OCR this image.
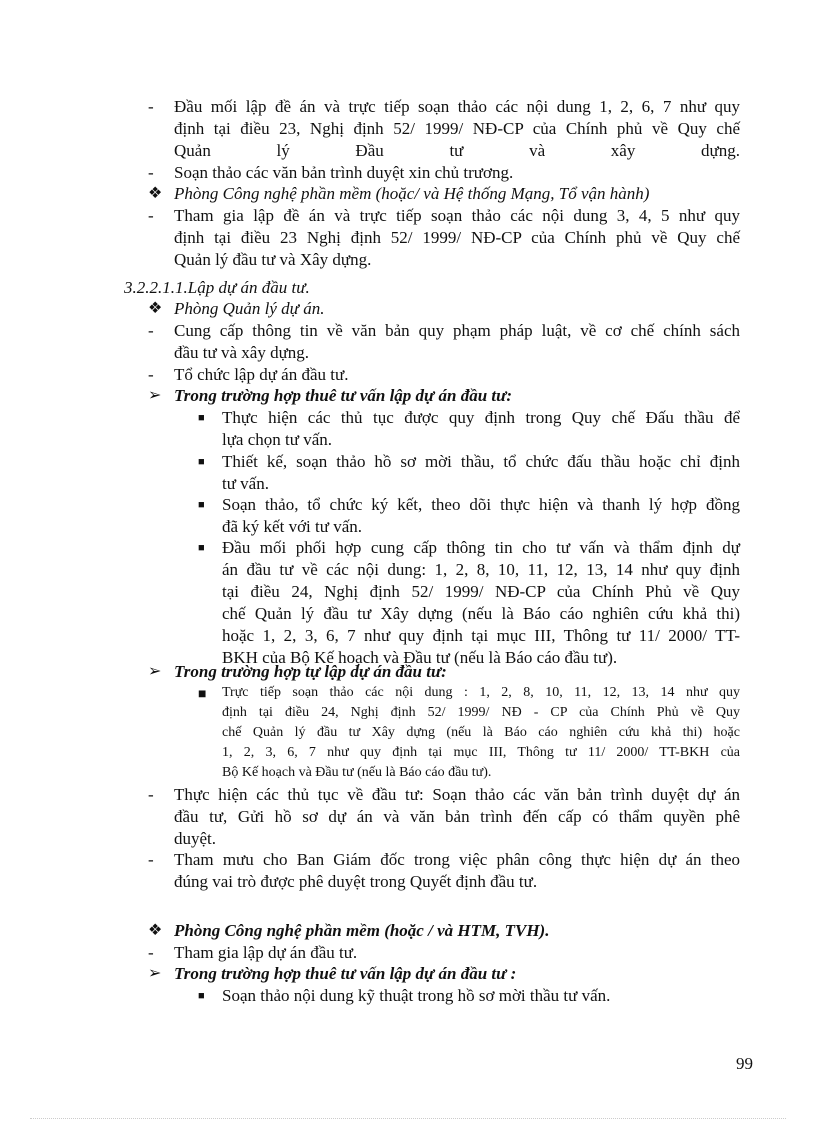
- Đầu mối lập đề án và trực tiếp soạn thảo các nội dung 1, 2, 6, 7 như quy
định tại điều 23, Nghị định 52/ 1999/ NĐ-CP của Chính phủ về Quy chế
Quản lý Đầu tư và xây dựng.
- Soạn thảo các văn bản trình duyệt xin chủ trương.
❖ Phòng Công nghệ phần mềm (hoặc/ và Hệ thống Mạng, Tổ vận hành)
- Tham gia lập đề án và trực tiếp soạn thảo các nội dung 3, 4, 5 như quy
định tại điều 23 Nghị định 52/ 1999/ NĐ-CP của Chính phủ về Quy chế
Quản lý đầu tư và Xây dựng.
3.2.2.1.1.Lập dự án đầu tư.
❖ Phòng Quản lý dự án.
- Cung cấp thông tin về văn bản quy phạm pháp luật, về cơ chế chính sách
đầu tư và xây dựng.
- Tổ chức lập dự án đầu tư.
➢ Trong trường hợp thuê tư vấn lập dự án đầu tư:
■ Thực hiện các thủ tục được quy định trong Quy chế Đấu thầu để
lựa chọn tư vấn.
■ Thiết kế, soạn thảo hồ sơ mời thầu, tổ chức đấu thầu hoặc chỉ định
tư vấn.
■ Soạn thảo, tổ chức ký kết, theo dõi thực hiện và thanh lý hợp đồng
đã ký kết với tư vấn.
■ Đầu mối phối hợp cung cấp thông tin cho tư vấn và thẩm định dự
án đầu tư về các nội dung: 1, 2, 8, 10, 11, 12, 13, 14 như quy định
tại điều 24, Nghị định 52/ 1999/ NĐ-CP của Chính Phủ về Quy
chế Quản lý đầu tư Xây dựng (nếu là Báo cáo nghiên cứu khả thi)
hoặc 1, 2, 3, 6, 7 như quy định tại mục III, Thông tư 11/ 2000/ TT-
BKH của Bộ Kế hoạch và Đầu tư (nếu là Báo cáo đầu tư).
➢ Trong trường hợp tự lập dự án đầu tư:
■ Trực tiếp soạn thảo các nội dung : 1, 2, 8, 10, 11, 12, 13, 14 như quy
định tại điều 24, Nghị định 52/ 1999/ NĐ - CP của Chính Phủ về Quy
chế Quản lý đầu tư Xây dựng (nếu là Báo cáo nghiên cứu khả thi) hoặc
1, 2, 3, 6, 7 như quy định tại mục III, Thông tư 11/ 2000/ TT-BKH của
Bộ Kế hoạch và Đầu tư (nếu là Báo cáo đầu tư).
- Thực hiện các thủ tục về đầu tư: Soạn thảo các văn bản trình duyệt dự án
đầu tư, Gửi hồ sơ dự án và văn bản trình đến cấp có thẩm quyền phê
duyệt.
- Tham mưu cho Ban Giám đốc trong việc phân công thực hiện dự án theo
đúng vai trò được phê duyệt trong Quyết định đầu tư.
❖ Phòng Công nghệ phần mềm (hoặc / và HTM, TVH).
- Tham gia lập dự án đầu tư.
➢ Trong trường hợp thuê tư vấn lập dự án đầu tư :
■ Soạn thảo nội dung kỹ thuật trong hồ sơ mời thầu tư vấn.
99
